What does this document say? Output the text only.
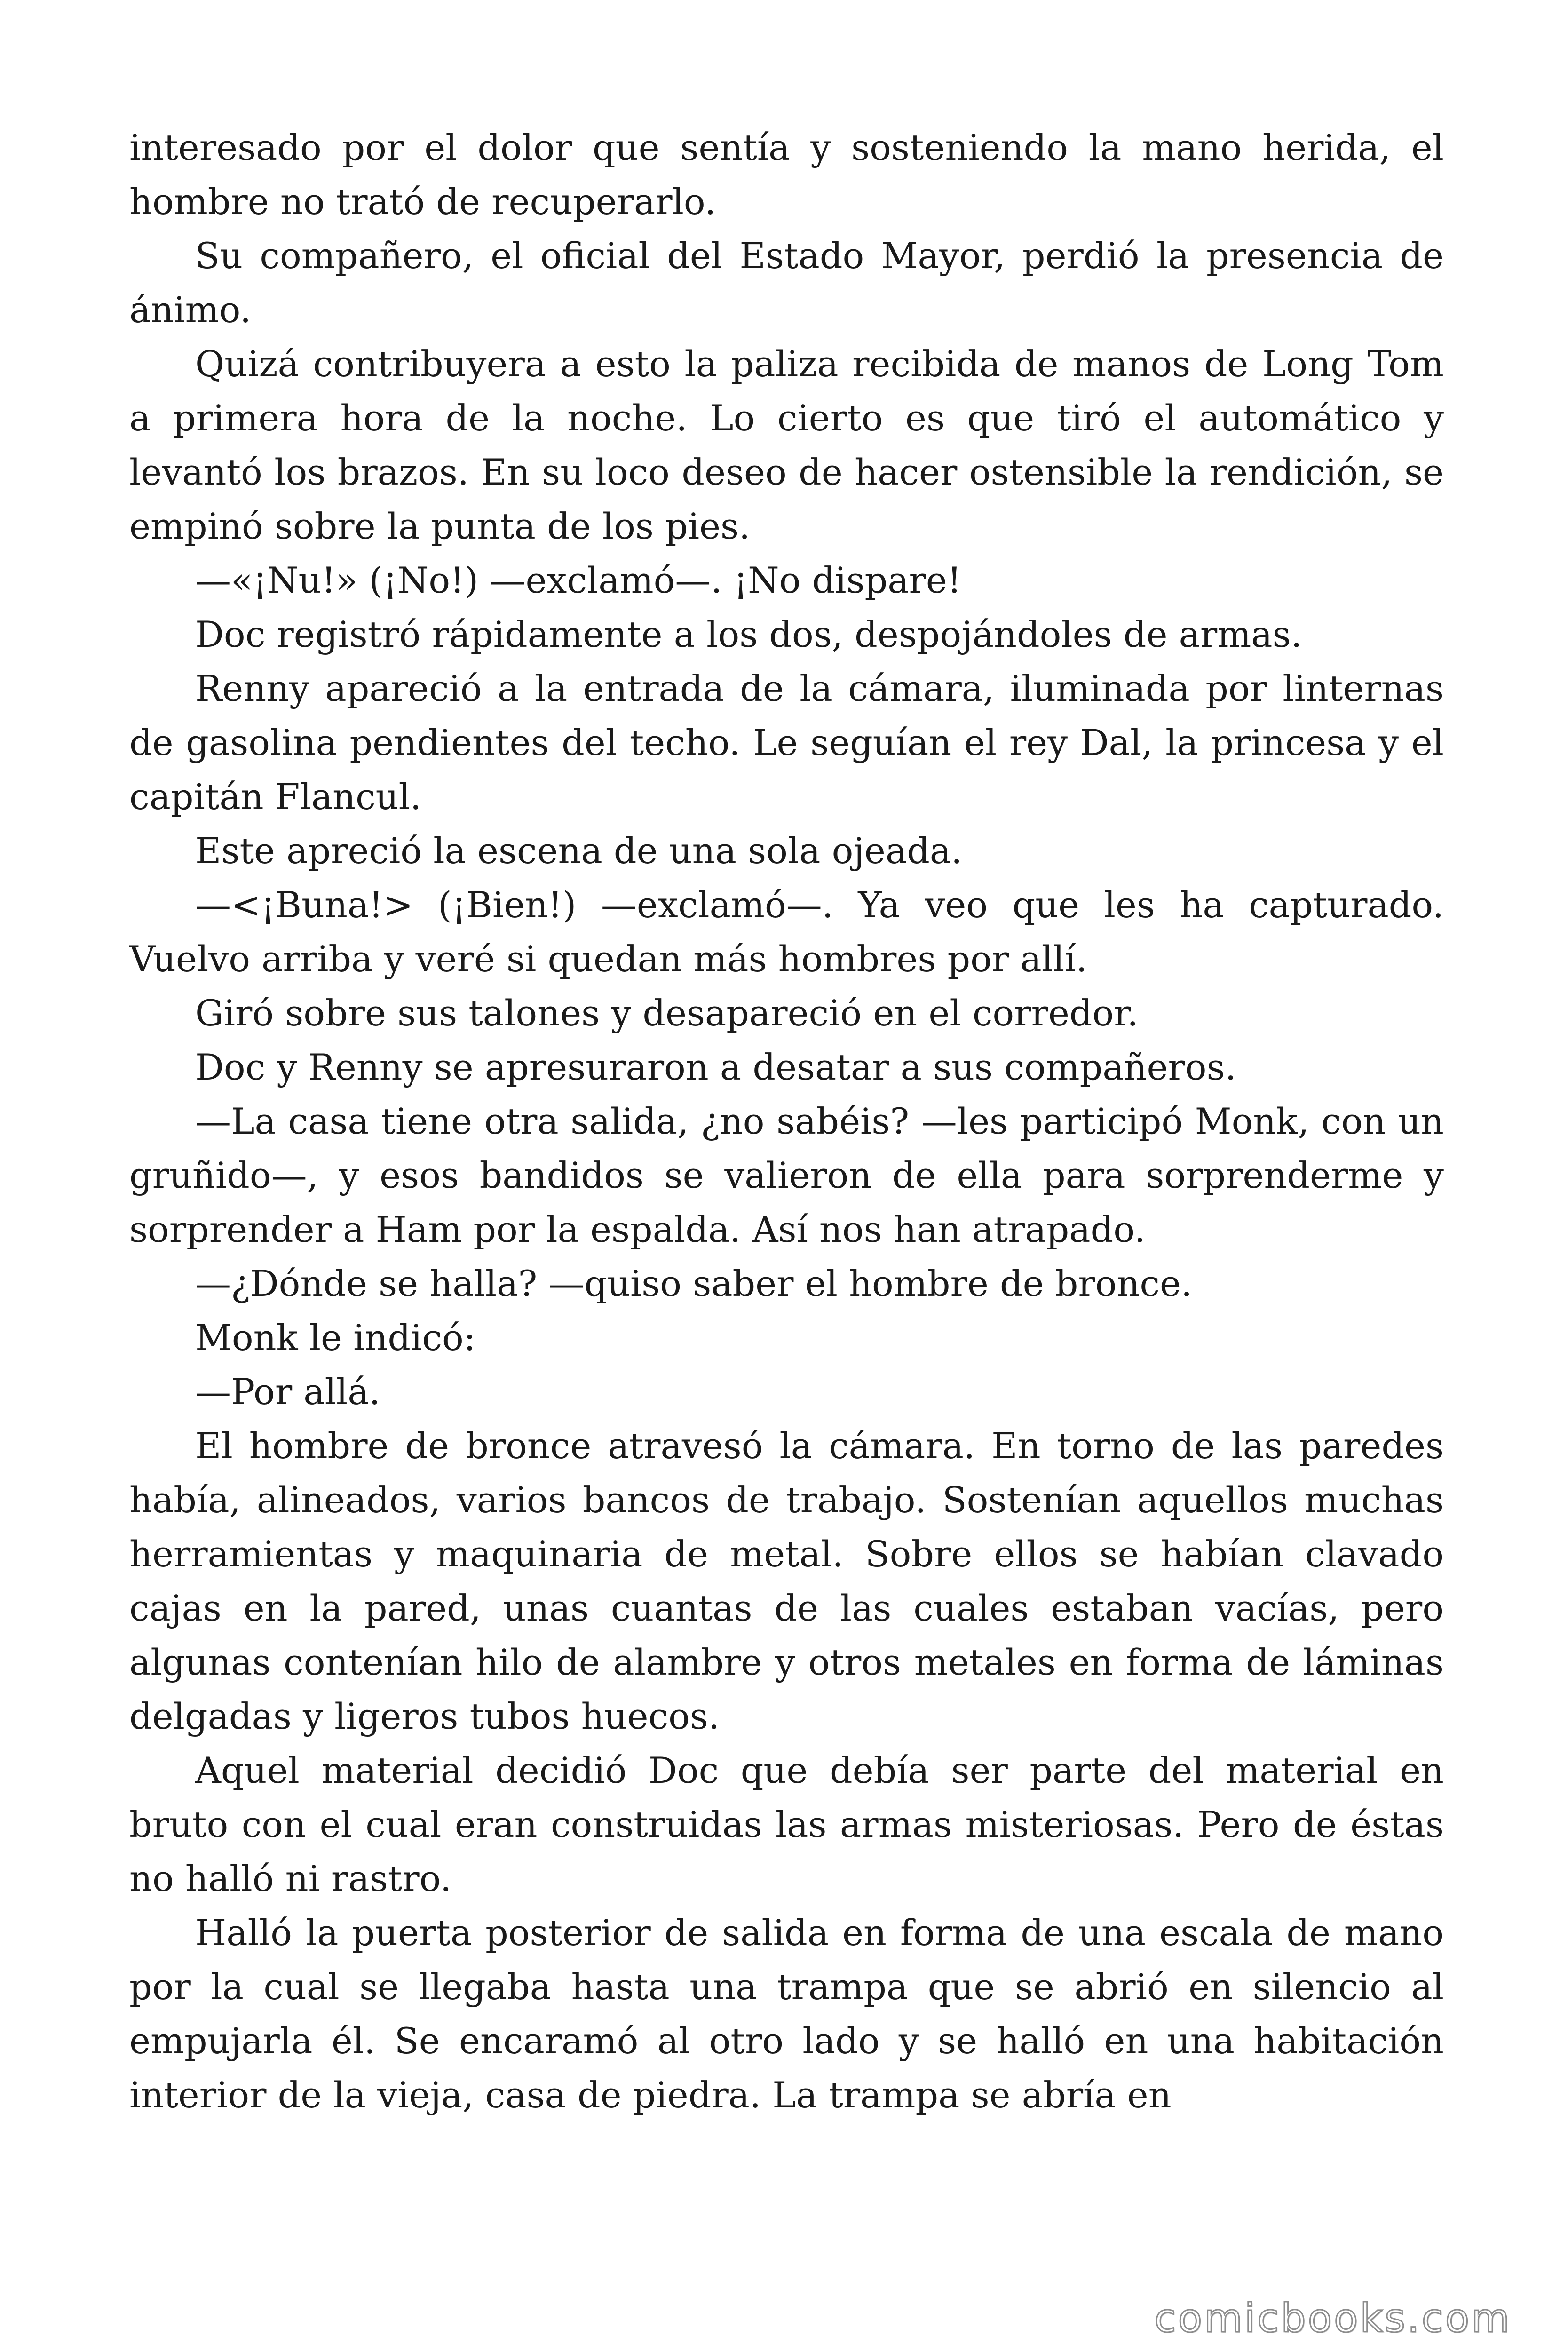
interesado por el dolor que sentía y sosteniendo la mano herida, el hombre no trató de recuperarlo.

Su compañero, el oficial del Estado Mayor, perdió la presencia de ánimo.

Quizá contribuyera a esto la paliza recibida de manos de Long Tom a primera hora de la noche. Lo cierto es que tiró el automático y levantó los brazos. En su loco deseo de hacer ostensible la rendición, se empinó sobre la punta de los pies.

—«¡Nu!» (¡No!) —exclamó—. ¡No dispare!

Doc registró rápidamente a los dos, despojándoles de armas.

Renny apareció a la entrada de la cámara, iluminada por linternas de gasolina pendientes del techo. Le seguían el rey Dal, la princesa y el capitán Flancul.

Este apreció la escena de una sola ojeada.

—<¡Buna!> (¡Bien!) —exclamó—. Ya veo que les ha capturado. Vuelvo arriba y veré si quedan más hombres por allí.

Giró sobre sus talones y desapareció en el corredor.

Doc y Renny se apresuraron a desatar a sus compañeros.

—La casa tiene otra salida, ¿no sabéis? —les participó Monk, con un gruñido—, y esos bandidos se valieron de ella para sorprenderme y sorprender a Ham por la espalda. Así nos han atrapado.

—¿Dónde se halla? —quiso saber el hombre de bronce.

Monk le indicó:

—Por allá.

El hombre de bronce atravesó la cámara. En torno de las paredes había, alineados, varios bancos de trabajo. Sostenían aquellos muchas herramientas y maquinaria de metal. Sobre ellos se habían clavado cajas en la pared, unas cuantas de las cuales estaban vacías, pero algunas contenían hilo de alambre y otros metales en forma de láminas delgadas y ligeros tubos huecos.

Aquel material decidió Doc que debía ser parte del material en bruto con el cual eran construidas las armas misteriosas. Pero de éstas no halló ni rastro.

Halló la puerta posterior de salida en forma de una escala de mano por la cual se llegaba hasta una trampa que se abrió en silencio al empujarla él. Se encaramó al otro lado y se halló en una habitación interior de la vieja, casa de piedra. La trampa se abría en

comicbooks.com
